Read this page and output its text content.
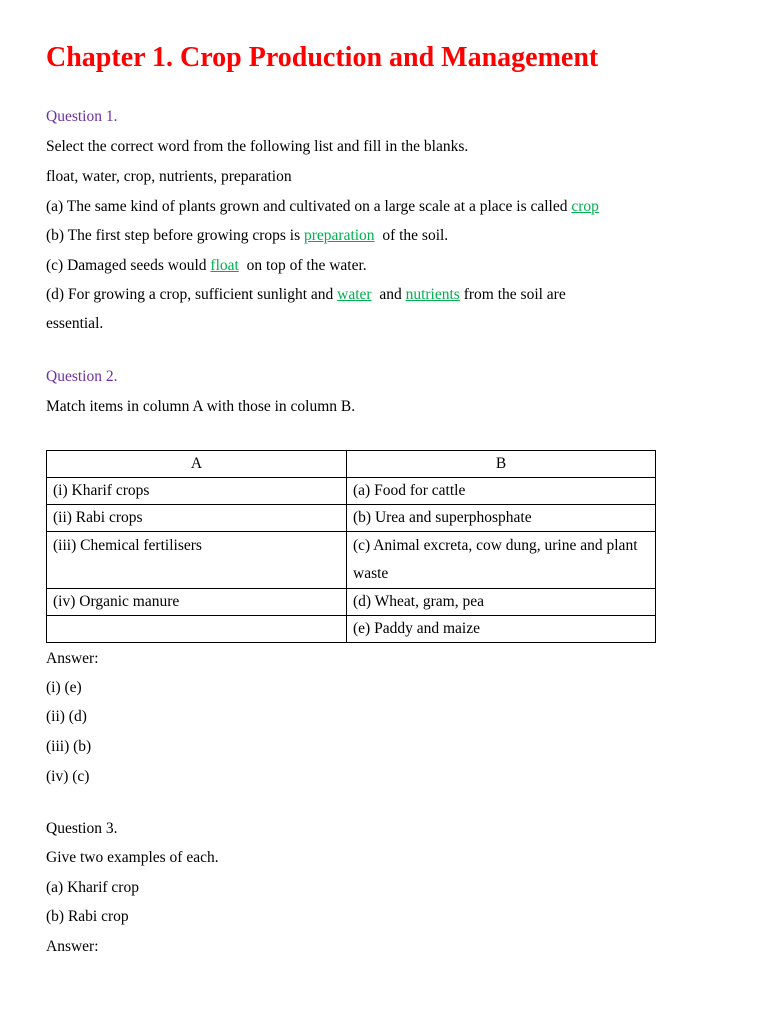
Chapter 1. Crop Production and Management
Question 1.
Select the correct word from the following list and fill in the blanks.
float, water, crop, nutrients, preparation
(a) The same kind of plants grown and cultivated on a large scale at a place is called crop
(b) The first step before growing crops is preparation  of the soil.
(c) Damaged seeds would float  on top of the water.
(d) For growing a crop, sufficient sunlight and water  and nutrients from the soil are
essential.
Question 2.
Match items in column A with those in column B.
A	B
(i) Kharif crops	(a) Food for cattle
(ii) Rabi crops	(b) Urea and superphosphate
(iii) Chemical fertilisers	(c) Animal excreta, cow dung, urine and plant waste
(iv) Organic manure	(d) Wheat, gram, pea
	(e) Paddy and maize
Answer:
(i) (e)
(ii) (d)
(iii) (b)
(iv) (c)
Question 3.
Give two examples of each.
(a) Kharif crop
(b) Rabi crop
Answer:
